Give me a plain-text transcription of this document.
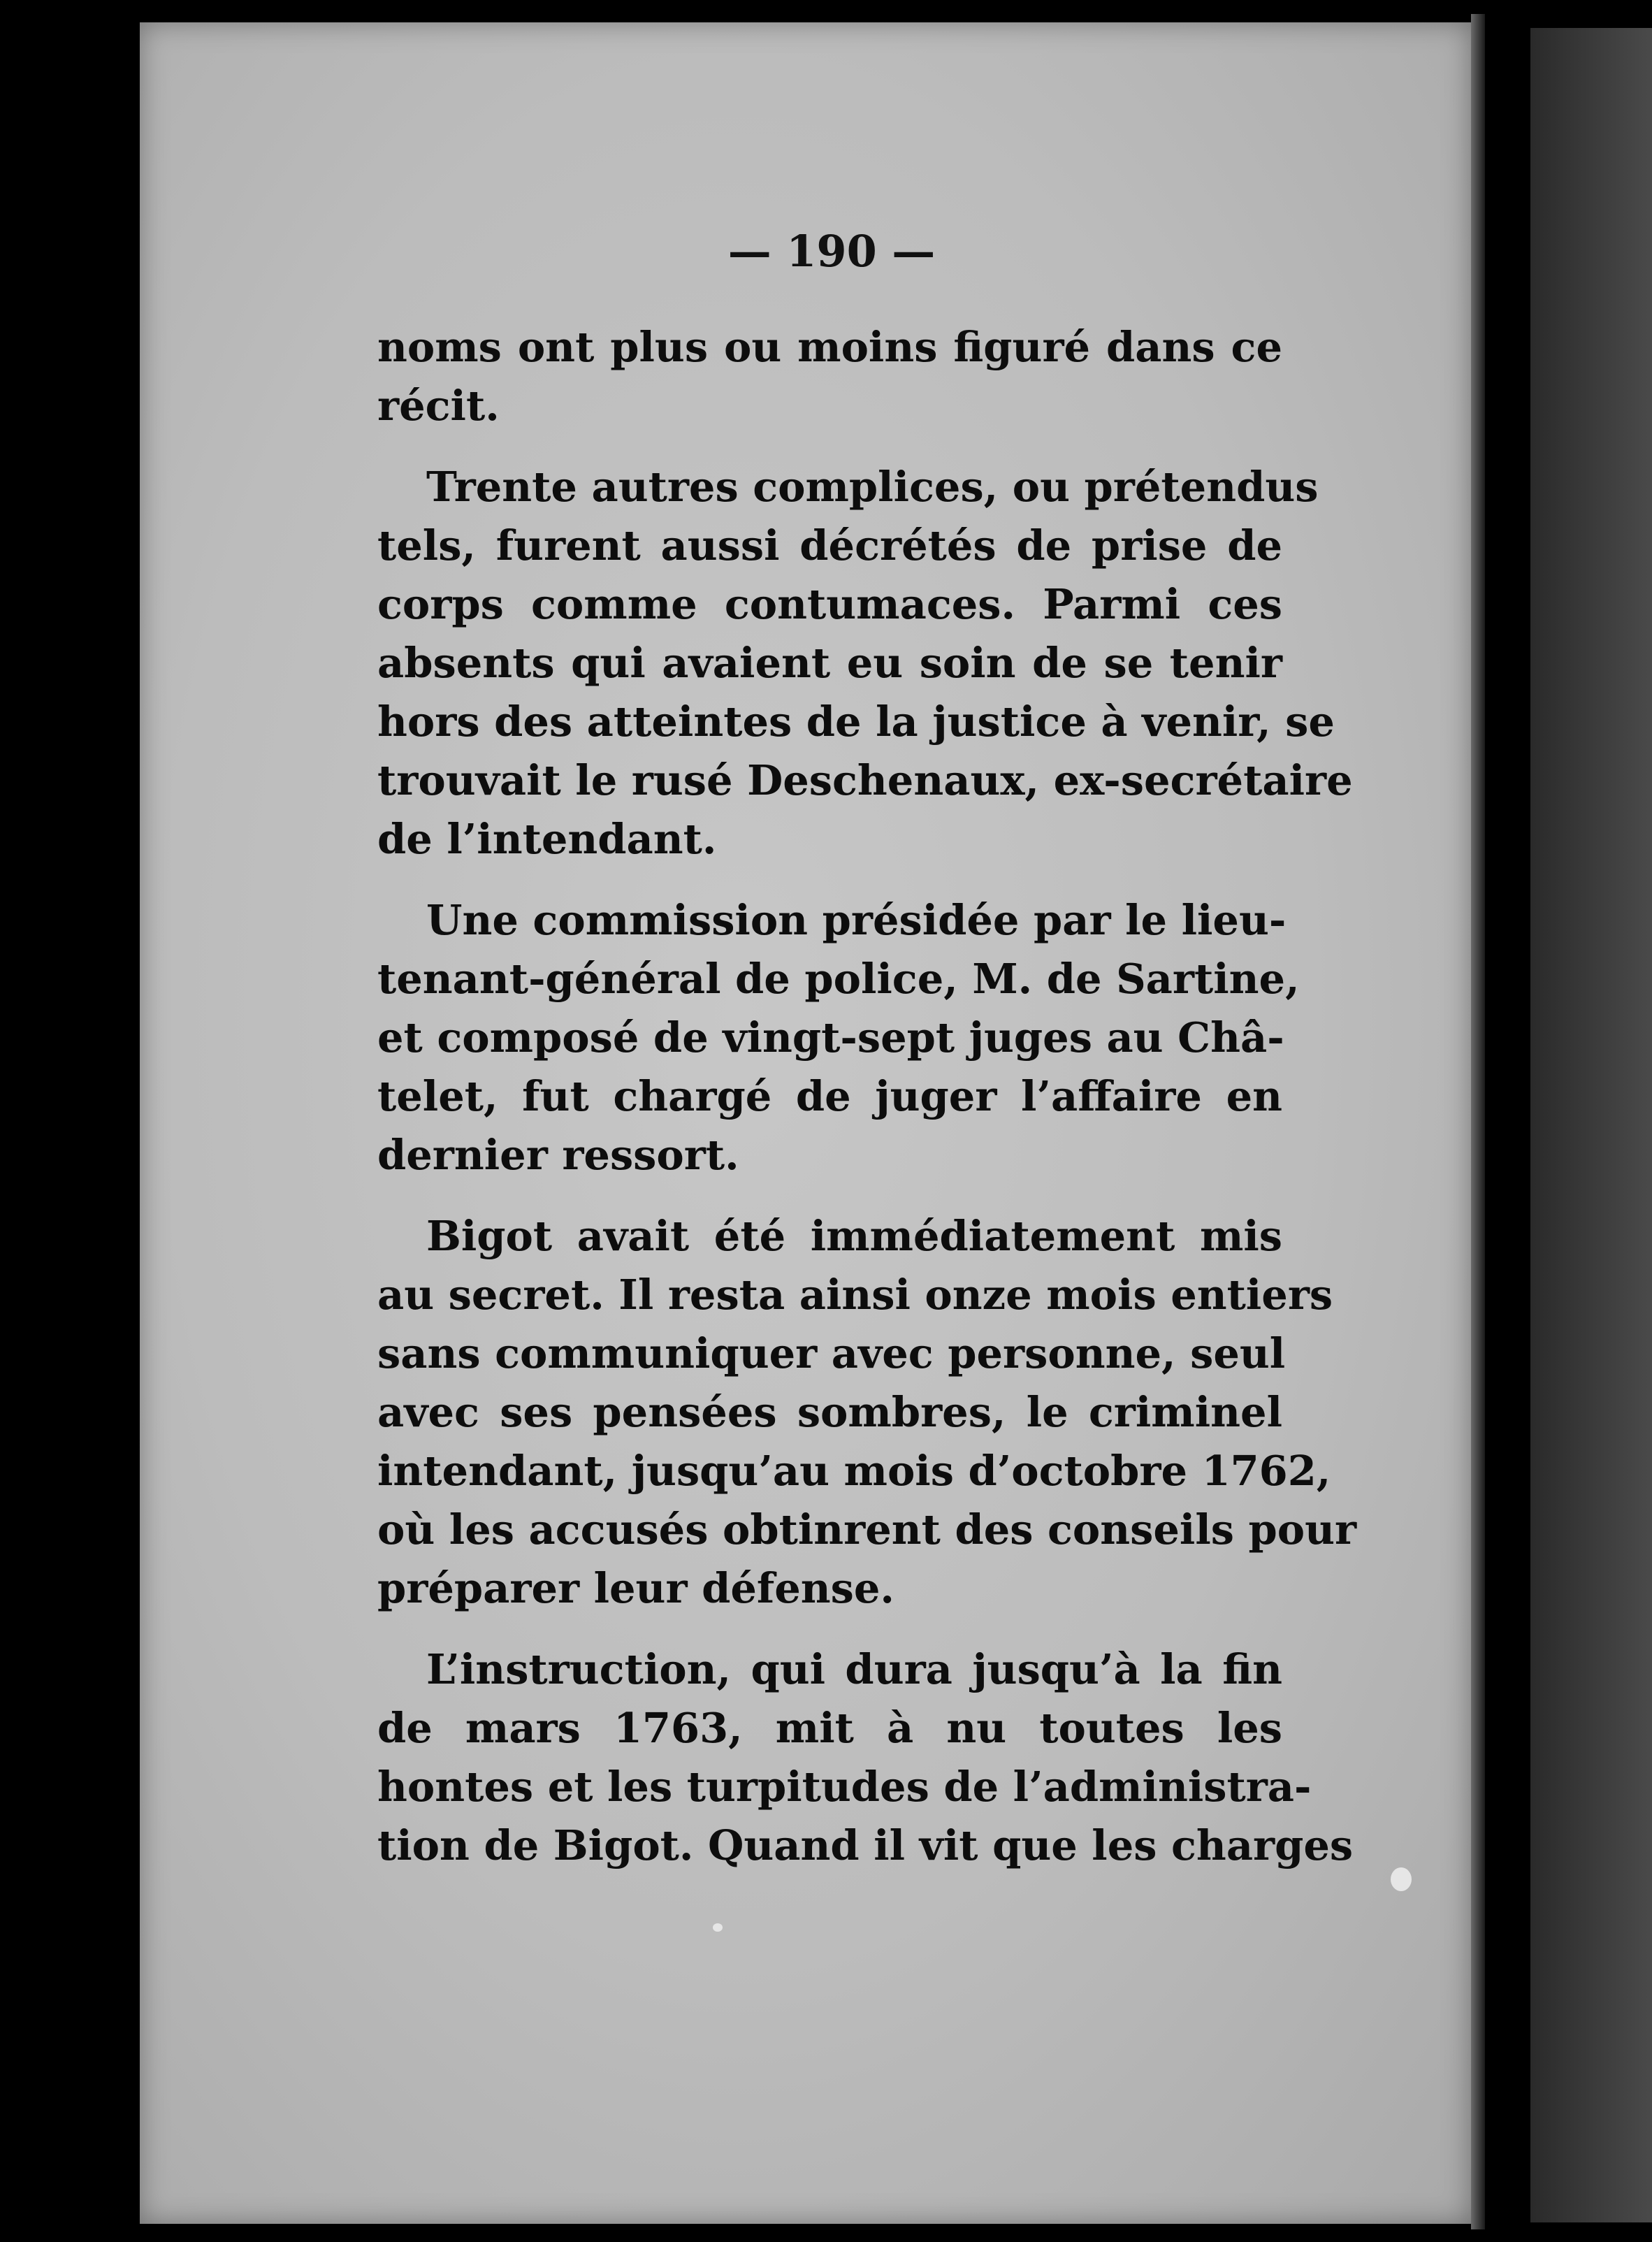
— 190 —
noms ont plus ou moins figuré dans ce
récit.
Trente autres complices, ou prétendus
tels, furent aussi décrétés de prise de
corps comme contumaces. Parmi ces
absents qui avaient eu soin de se tenir
hors des atteintes de la justice à venir, se
trouvait le rusé Deschenaux, ex-secrétaire
de l’intendant.
Une commission présidée par le lieu-
tenant-général de police, M. de Sartine,
et composé de vingt-sept juges au Châ-
telet, fut chargé de juger l’affaire en
dernier ressort.
Bigot avait été immédiatement mis
au secret. Il resta ainsi onze mois entiers
sans communiquer avec personne, seul
avec ses pensées sombres, le criminel
intendant, jusqu’au mois d’octobre 1762,
où les accusés obtinrent des conseils pour
préparer leur défense.
L’instruction, qui dura jusqu’à la fin
de mars 1763, mit à nu toutes les
hontes et les turpitudes de l’administra-
tion de Bigot. Quand il vit que les charges
